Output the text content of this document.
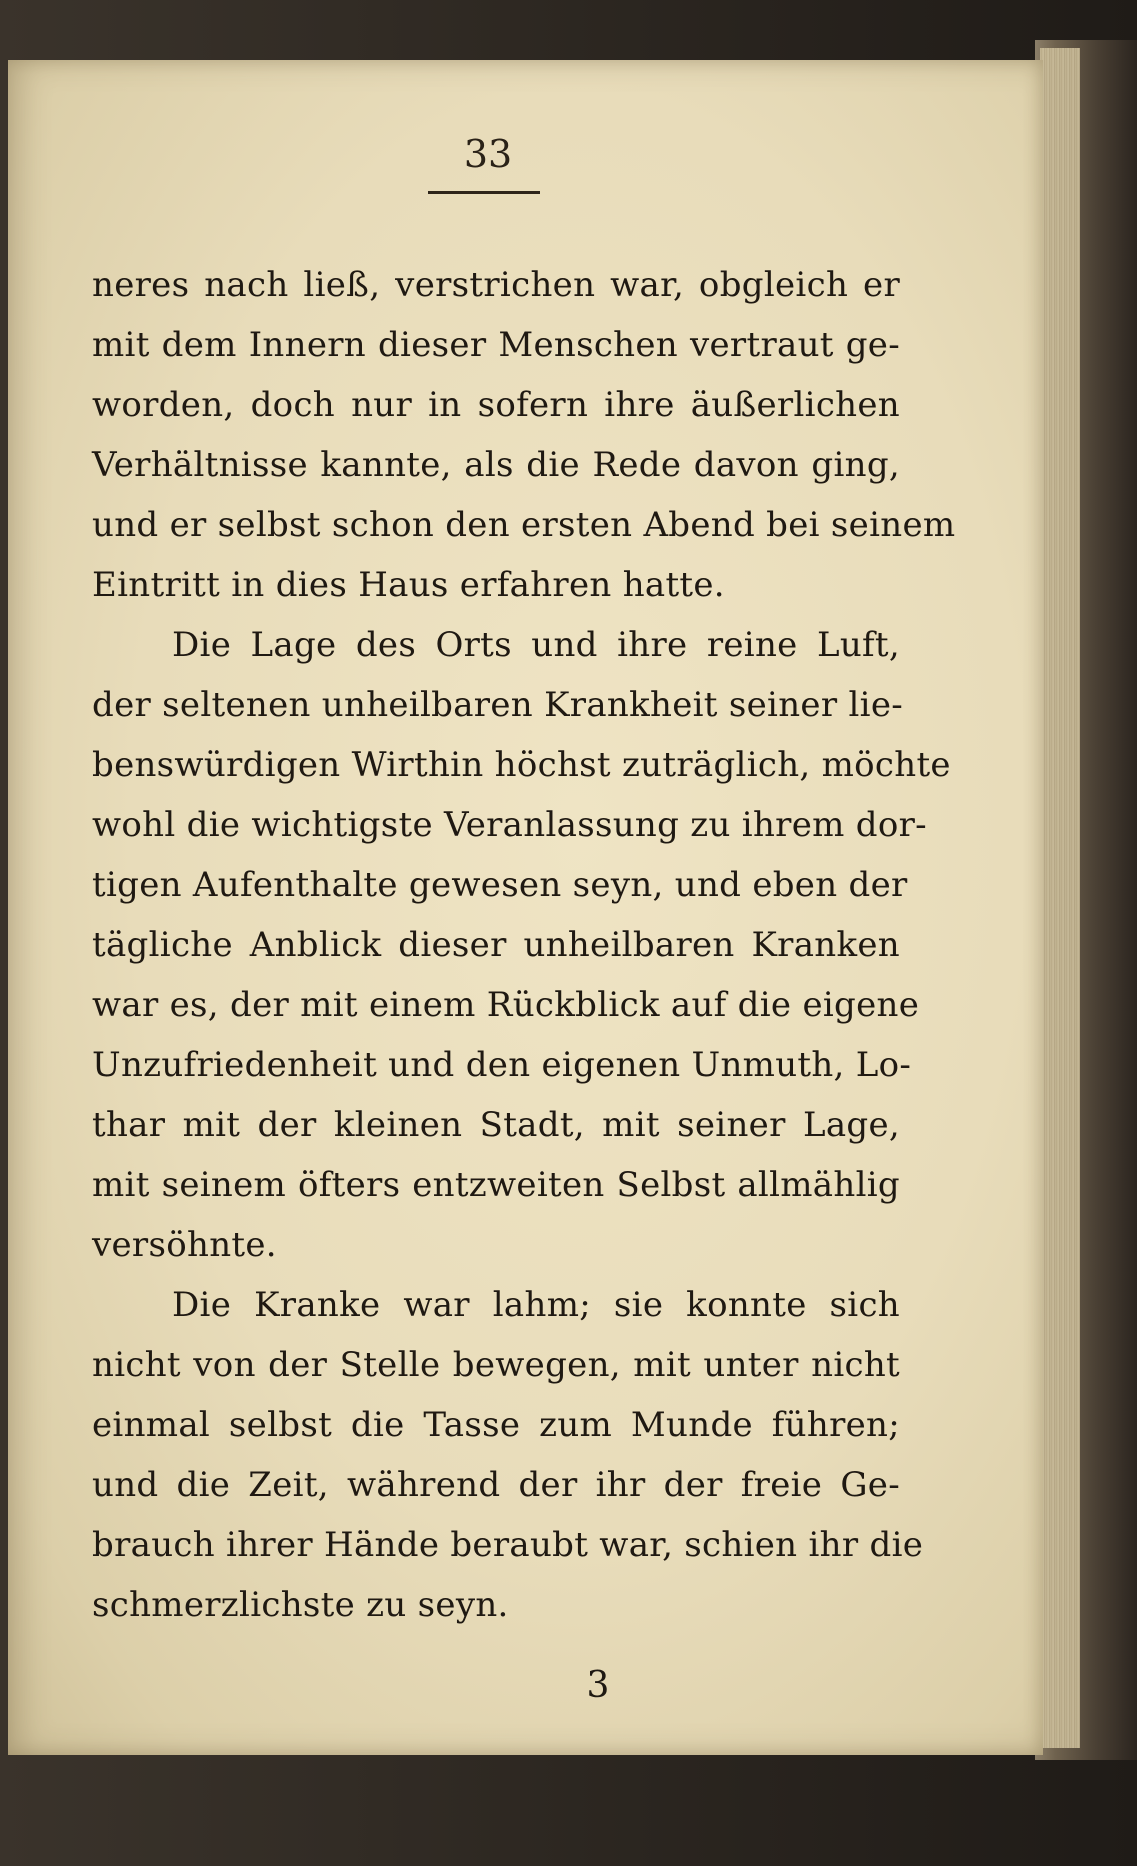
33
neres nach ließ, verstrichen war, obgleich er
mit dem Innern dieser Menschen vertraut ge-
worden, doch nur in sofern ihre äußerlichen
Verhältnisse kannte, als die Rede davon ging,
und er selbst schon den ersten Abend bei seinem
Eintritt in dies Haus erfahren hatte.
Die Lage des Orts und ihre reine Luft,
der seltenen unheilbaren Krankheit seiner lie-
benswürdigen Wirthin höchst zuträglich, möchte
wohl die wichtigste Veranlassung zu ihrem dor-
tigen Aufenthalte gewesen seyn, und eben der
tägliche Anblick dieser unheilbaren Kranken
war es, der mit einem Rückblick auf die eigene
Unzufriedenheit und den eigenen Unmuth, Lo-
thar mit der kleinen Stadt, mit seiner Lage,
mit seinem öfters entzweiten Selbst allmählig
versöhnte.
Die Kranke war lahm; sie konnte sich
nicht von der Stelle bewegen, mit unter nicht
einmal selbst die Tasse zum Munde führen;
und die Zeit, während der ihr der freie Ge-
brauch ihrer Hände beraubt war, schien ihr die
schmerzlichste zu seyn.
3
